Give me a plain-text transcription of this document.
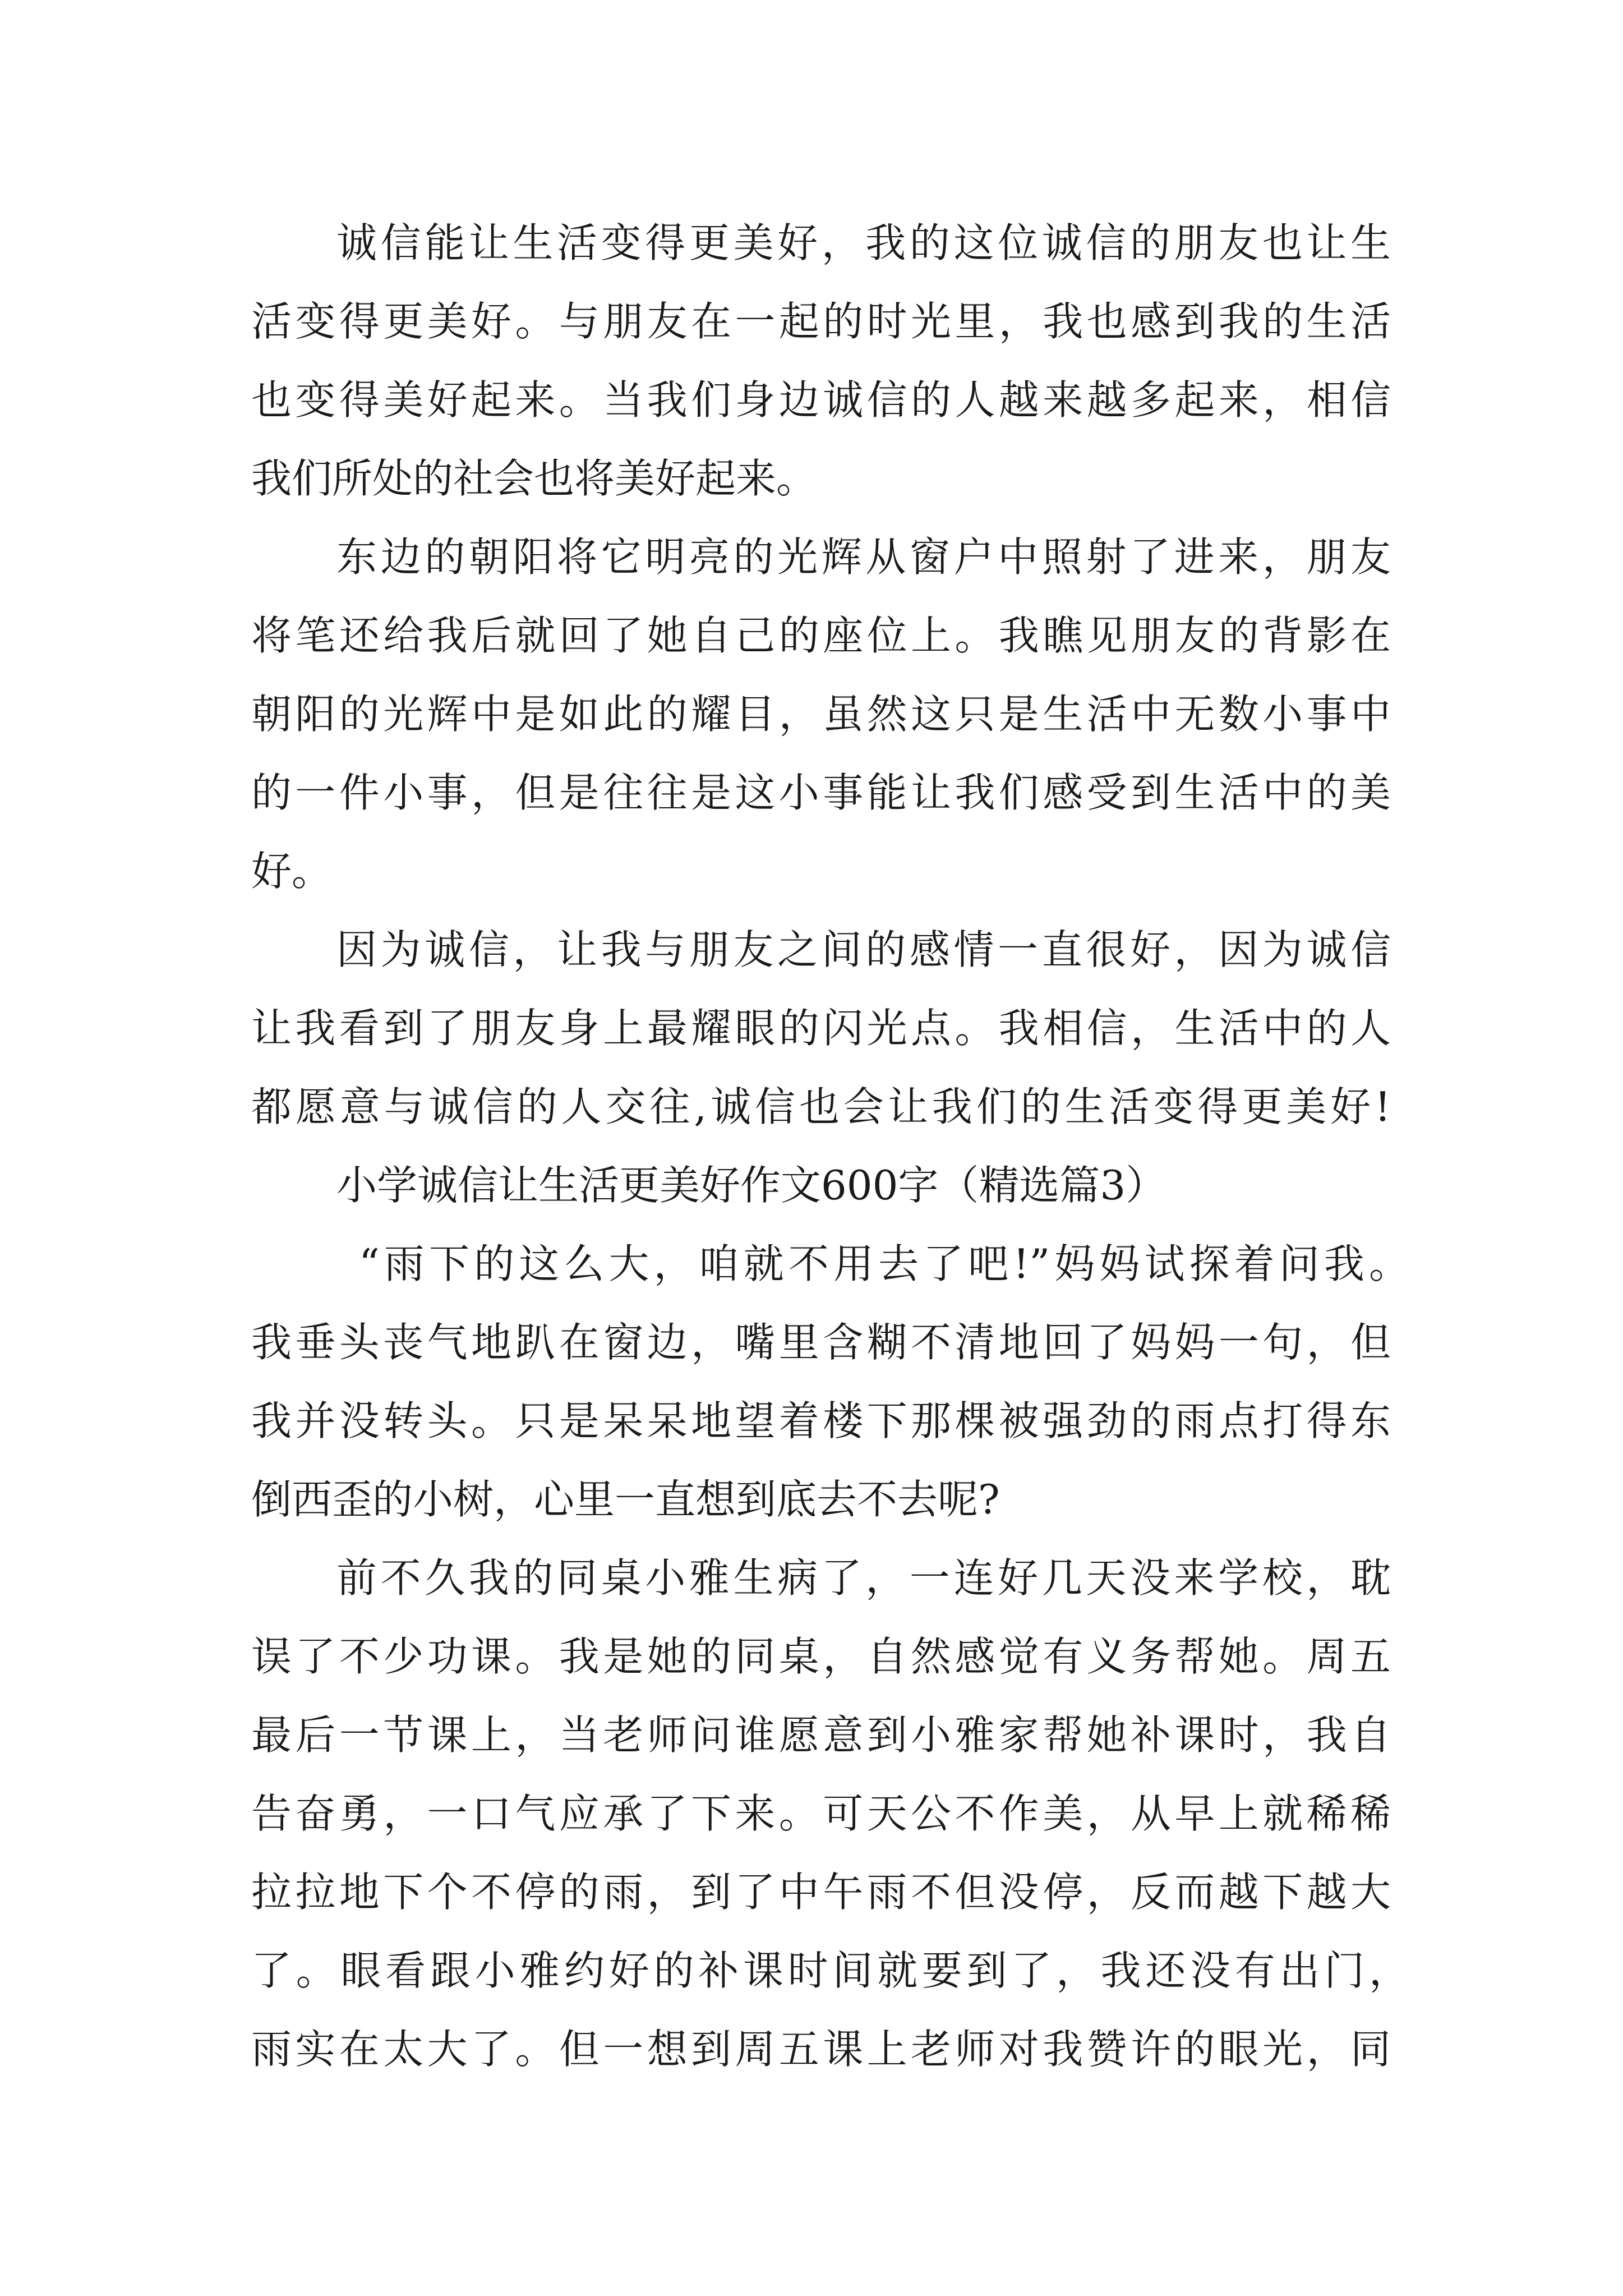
诚信能让生活变得更美好，我的这位诚信的朋友也让生

活变得更美好。与朋友在一起的时光里，我也感到我的生活

也变得美好起来。当我们身边诚信的人越来越多起来，相信

我们所处的社会也将美好起来。

东边的朝阳将它明亮的光辉从窗户中照射了进来，朋友

将笔还给我后就回了她自己的座位上。我瞧见朋友的背影在

朝阳的光辉中是如此的耀目，虽然这只是生活中无数小事中

的一件小事，但是往往是这小事能让我们感受到生活中的美

好。

因为诚信，让我与朋友之间的感情一直很好，因为诚信

让我看到了朋友身上最耀眼的闪光点。我相信，生活中的人

都愿意与诚信的人交往,诚信也会让我们的生活变得更美好!

小学诚信让生活更美好作文600字（精选篇3）

“雨下的这么大，咱就不用去了吧!”妈妈试探着问我。

我垂头丧气地趴在窗边，嘴里含糊不清地回了妈妈一句，但

我并没转头。只是呆呆地望着楼下那棵被强劲的雨点打得东

倒西歪的小树，心里一直想到底去不去呢?

前不久我的同桌小雅生病了，一连好几天没来学校，耽

误了不少功课。我是她的同桌，自然感觉有义务帮她。周五

最后一节课上，当老师问谁愿意到小雅家帮她补课时，我自

告奋勇，一口气应承了下来。可天公不作美，从早上就稀稀

拉拉地下个不停的雨，到了中午雨不但没停，反而越下越大

了。眼看跟小雅约好的补课时间就要到了，我还没有出门，

雨实在太大了。但一想到周五课上老师对我赞许的眼光，同
